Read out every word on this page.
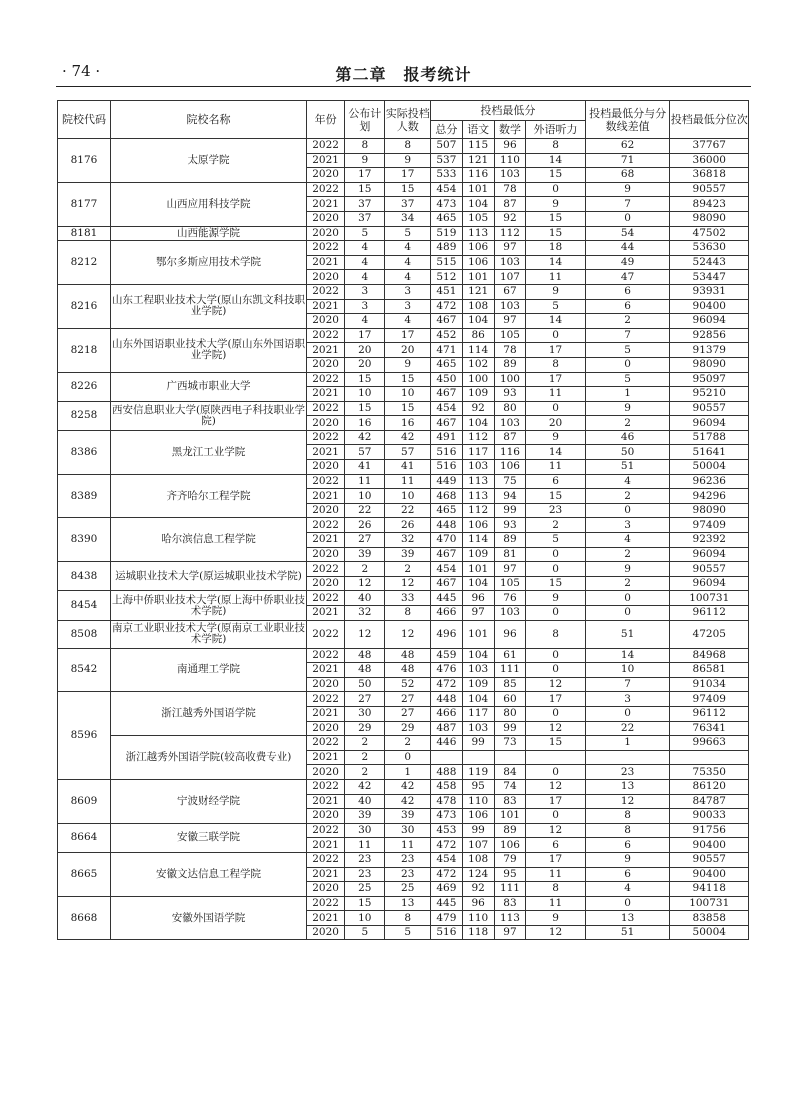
· 74 ·	第二章　报考统计
院校代码	院校名称	年份	公布计划	实际投档人数	投档最低分				投档最低分与分数线差值	投档最低分位次
					总分	语文	数学	外语听力		
8176	太原学院	2022	8	8	507	115	96	8	62	37767
		2021	9	9	537	121	110	14	71	36000
		2020	17	17	533	116	103	15	68	36818
8177	山西应用科技学院	2022	15	15	454	101	78	0	9	90557
		2021	37	37	473	104	87	9	7	89423
		2020	37	34	465	105	92	15	0	98090
8181	山西能源学院	2020	5	5	519	113	112	15	54	47502
8212	鄂尔多斯应用技术学院	2022	4	4	489	106	97	18	44	53630
		2021	4	4	515	106	103	14	49	52443
		2020	4	4	512	101	107	11	47	53447
8216	山东工程职业技术大学(原山东凯文科技职业学院)	2022	3	3	451	121	67	9	6	93931
		2021	3	3	472	108	103	5	6	90400
		2020	4	4	467	104	97	14	2	96094
8218	山东外国语职业技术大学(原山东外国语职业学院)	2022	17	17	452	86	105	0	7	92856
		2021	20	20	471	114	78	17	5	91379
		2020	20	9	465	102	89	8	0	98090
8226	广西城市职业大学	2022	15	15	450	100	100	17	5	95097
		2021	10	10	467	109	93	11	1	95210
8258	西安信息职业大学(原陕西电子科技职业学院)	2022	15	15	454	92	80	0	9	90557
		2020	16	16	467	104	103	20	2	96094
8386	黑龙江工业学院	2022	42	42	491	112	87	9	46	51788
		2021	57	57	516	117	116	14	50	51641
		2020	41	41	516	103	106	11	51	50004
8389	齐齐哈尔工程学院	2022	11	11	449	113	75	6	4	96236
		2021	10	10	468	113	94	15	2	94296
		2020	22	22	465	112	99	23	0	98090
8390	哈尔滨信息工程学院	2022	26	26	448	106	93	2	3	97409
		2021	27	32	470	114	89	5	4	92392
		2020	39	39	467	109	81	0	2	96094
8438	运城职业技术大学(原运城职业技术学院)	2022	2	2	454	101	97	0	9	90557
		2020	12	12	467	104	105	15	2	96094
8454	上海中侨职业技术大学(原上海中侨职业技术学院)	2022	40	33	445	96	76	9	0	100731
		2021	32	8	466	97	103	0	0	96112
8508	南京工业职业技术大学(原南京工业职业技术学院)	2022	12	12	496	101	96	8	51	47205
8542	南通理工学院	2022	48	48	459	104	61	0	14	84968
		2021	48	48	476	103	111	0	10	86581
		2020	50	52	472	109	85	12	7	91034
8596	浙江越秀外国语学院	2022	27	27	448	104	60	17	3	97409
		2021	30	27	466	117	80	0	0	96112
		2020	29	29	487	103	99	12	22	76341
	浙江越秀外国语学院(较高收费专业)	2022	2	2	446	99	73	15	1	99663
		2021	2	0						
		2020	2	1	488	119	84	0	23	75350
8609	宁波财经学院	2022	42	42	458	95	74	12	13	86120
		2021	40	42	478	110	83	17	12	84787
		2020	39	39	473	106	101	0	8	90033
8664	安徽三联学院	2022	30	30	453	99	89	12	8	91756
		2021	11	11	472	107	106	6	6	90400
8665	安徽文达信息工程学院	2022	23	23	454	108	79	17	9	90557
		2021	23	23	472	124	95	11	6	90400
		2020	25	25	469	92	111	8	4	94118
8668	安徽外国语学院	2022	15	13	445	96	83	11	0	100731
		2021	10	8	479	110	113	9	13	83858
		2020	5	5	516	118	97	12	51	50004
